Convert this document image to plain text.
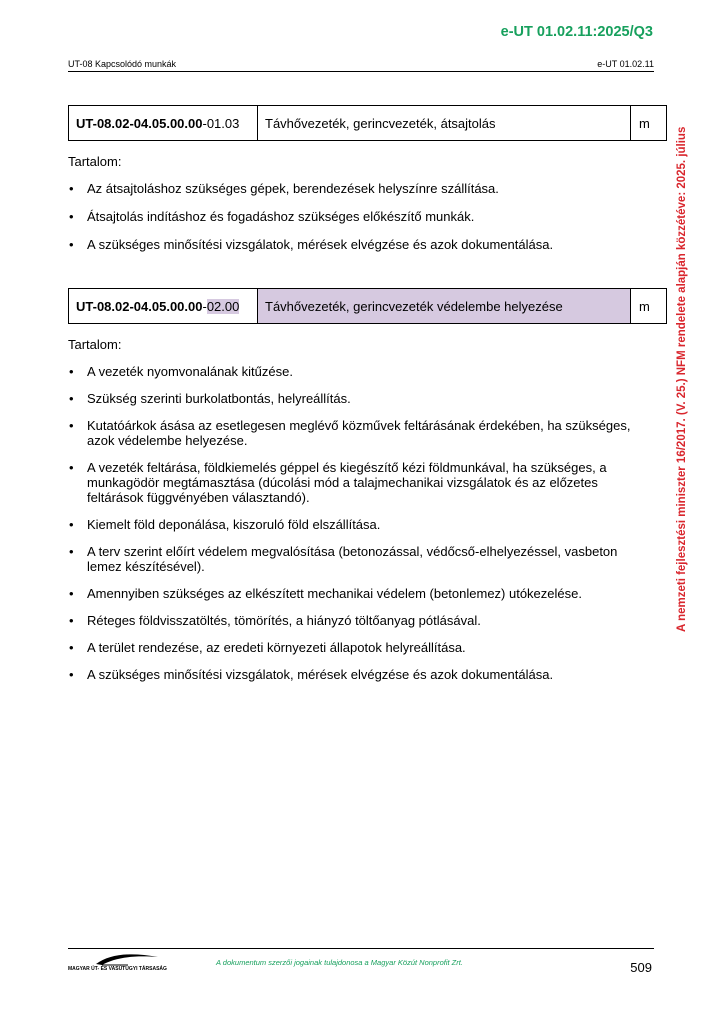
e-UT 01.02.11:2025/Q3
UT-08 Kapcsolódó munkák	e-UT 01.02.11
A nemzeti fejlesztési miniszter 16/2017. (V. 25.) NFM rendelete alapján közzétéve: 2025. július
UT-08.02-04.05.00.00-01.03	Távhővezeték, gerincvezeték, átsajtolás	m
Tartalom:
• Az átsajtoláshoz szükséges gépek, berendezések helyszínre szállítása.
• Átsajtolás indításhoz és fogadáshoz szükséges előkészítő munkák.
• A szükséges minősítési vizsgálatok, mérések elvégzése és azok dokumentálása.
UT-08.02-04.05.00.00-02.00	Távhővezeték, gerincvezeték védelembe helyezése	m
Tartalom:
• A vezeték nyomvonalának kitűzése.
• Szükség szerinti burkolatbontás, helyreállítás.
• Kutatóárkok ásása az esetlegesen meglévő közművek feltárásának érdekében, ha szükséges, azok védelembe helyezése.
• A vezeték feltárása, földkiemelés géppel és kiegészítő kézi földmunkával, ha szükséges, a munkagödör megtámasztása (dúcolási mód a talajmechanikai vizsgálatok és az előzetes feltárások függvényében választandó).
• Kiemelt föld deponálása, kiszoruló föld elszállítása.
• A terv szerint előírt védelem megvalósítása (betonozással, védőcső-elhelyezéssel, vasbeton lemez készítésével).
• Amennyiben szükséges az elkészített mechanikai védelem (betonlemez) utókezelése.
• Réteges földvisszatöltés, tömörítés, a hiányzó töltőanyag pótlásával.
• A terület rendezése, az eredeti környezeti állapotok helyreállítása.
• A szükséges minősítési vizsgálatok, mérések elvégzése és azok dokumentálása.
MAGYAR ÚT- ÉS VASÚTÜGYI TÁRSASÁG
A dokumentum szerzői jogainak tulajdonosa a Magyar Közút Nonprofit Zrt.	509
